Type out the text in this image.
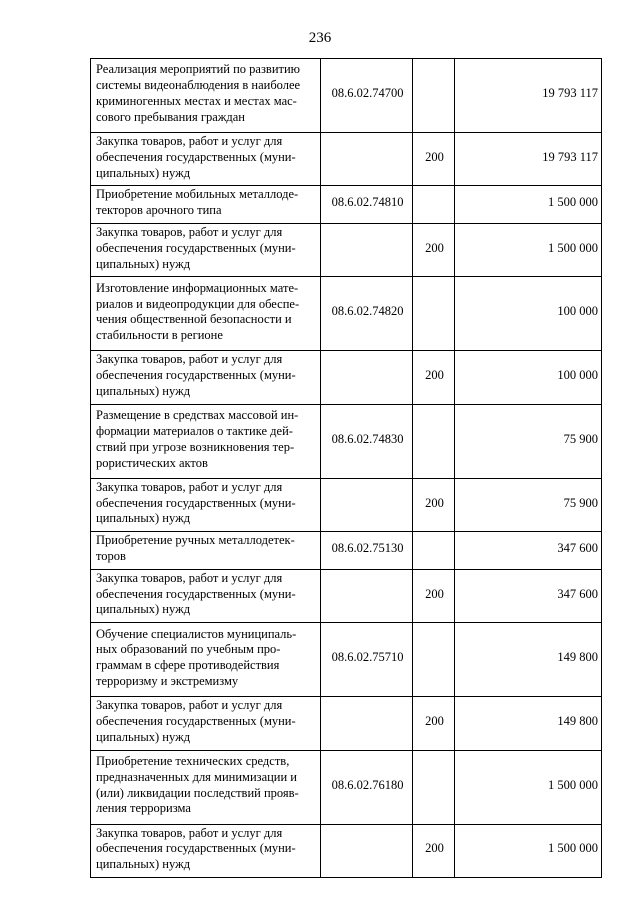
236
Реализация мероприятий по развитию
системы видеонаблюдения в наиболее
криминогенных местах и местах мас-
сового пребывания граждан	08.6.02.74700		19 793 117

Закупка товаров, работ и услуг для
обеспечения государственных (муни-
ципальных) нужд		200	19 793 117

Приобретение мобильных металлоде-
текторов арочного типа	08.6.02.74810		1 500 000

Закупка товаров, работ и услуг для
обеспечения государственных (муни-
ципальных) нужд		200	1 500 000

Изготовление информационных мате-
риалов и видеопродукции для обеспе-
чения общественной безопасности и
стабильности в регионе	08.6.02.74820		100 000

Закупка товаров, работ и услуг для
обеспечения государственных (муни-
ципальных) нужд		200	100 000

Размещение в средствах массовой ин-
формации материалов о тактике дей-
ствий при угрозе возникновения тер-
рористических актов	08.6.02.74830		75 900

Закупка товаров, работ и услуг для
обеспечения государственных (муни-
ципальных) нужд		200	75 900

Приобретение ручных металлодетек-
торов	08.6.02.75130		347 600

Закупка товаров, работ и услуг для
обеспечения государственных (муни-
ципальных) нужд		200	347 600

Обучение специалистов муниципаль-
ных образований по учебным про-
граммам в сфере противодействия
терроризму и экстремизму	08.6.02.75710		149 800

Закупка товаров, работ и услуг для
обеспечения государственных (муни-
ципальных) нужд		200	149 800

Приобретение технических средств,
предназначенных для минимизации и
(или) ликвидации последствий прояв-
ления терроризма	08.6.02.76180		1 500 000

Закупка товаров, работ и услуг для
обеспечения государственных (муни-
ципальных) нужд		200	1 500 000
